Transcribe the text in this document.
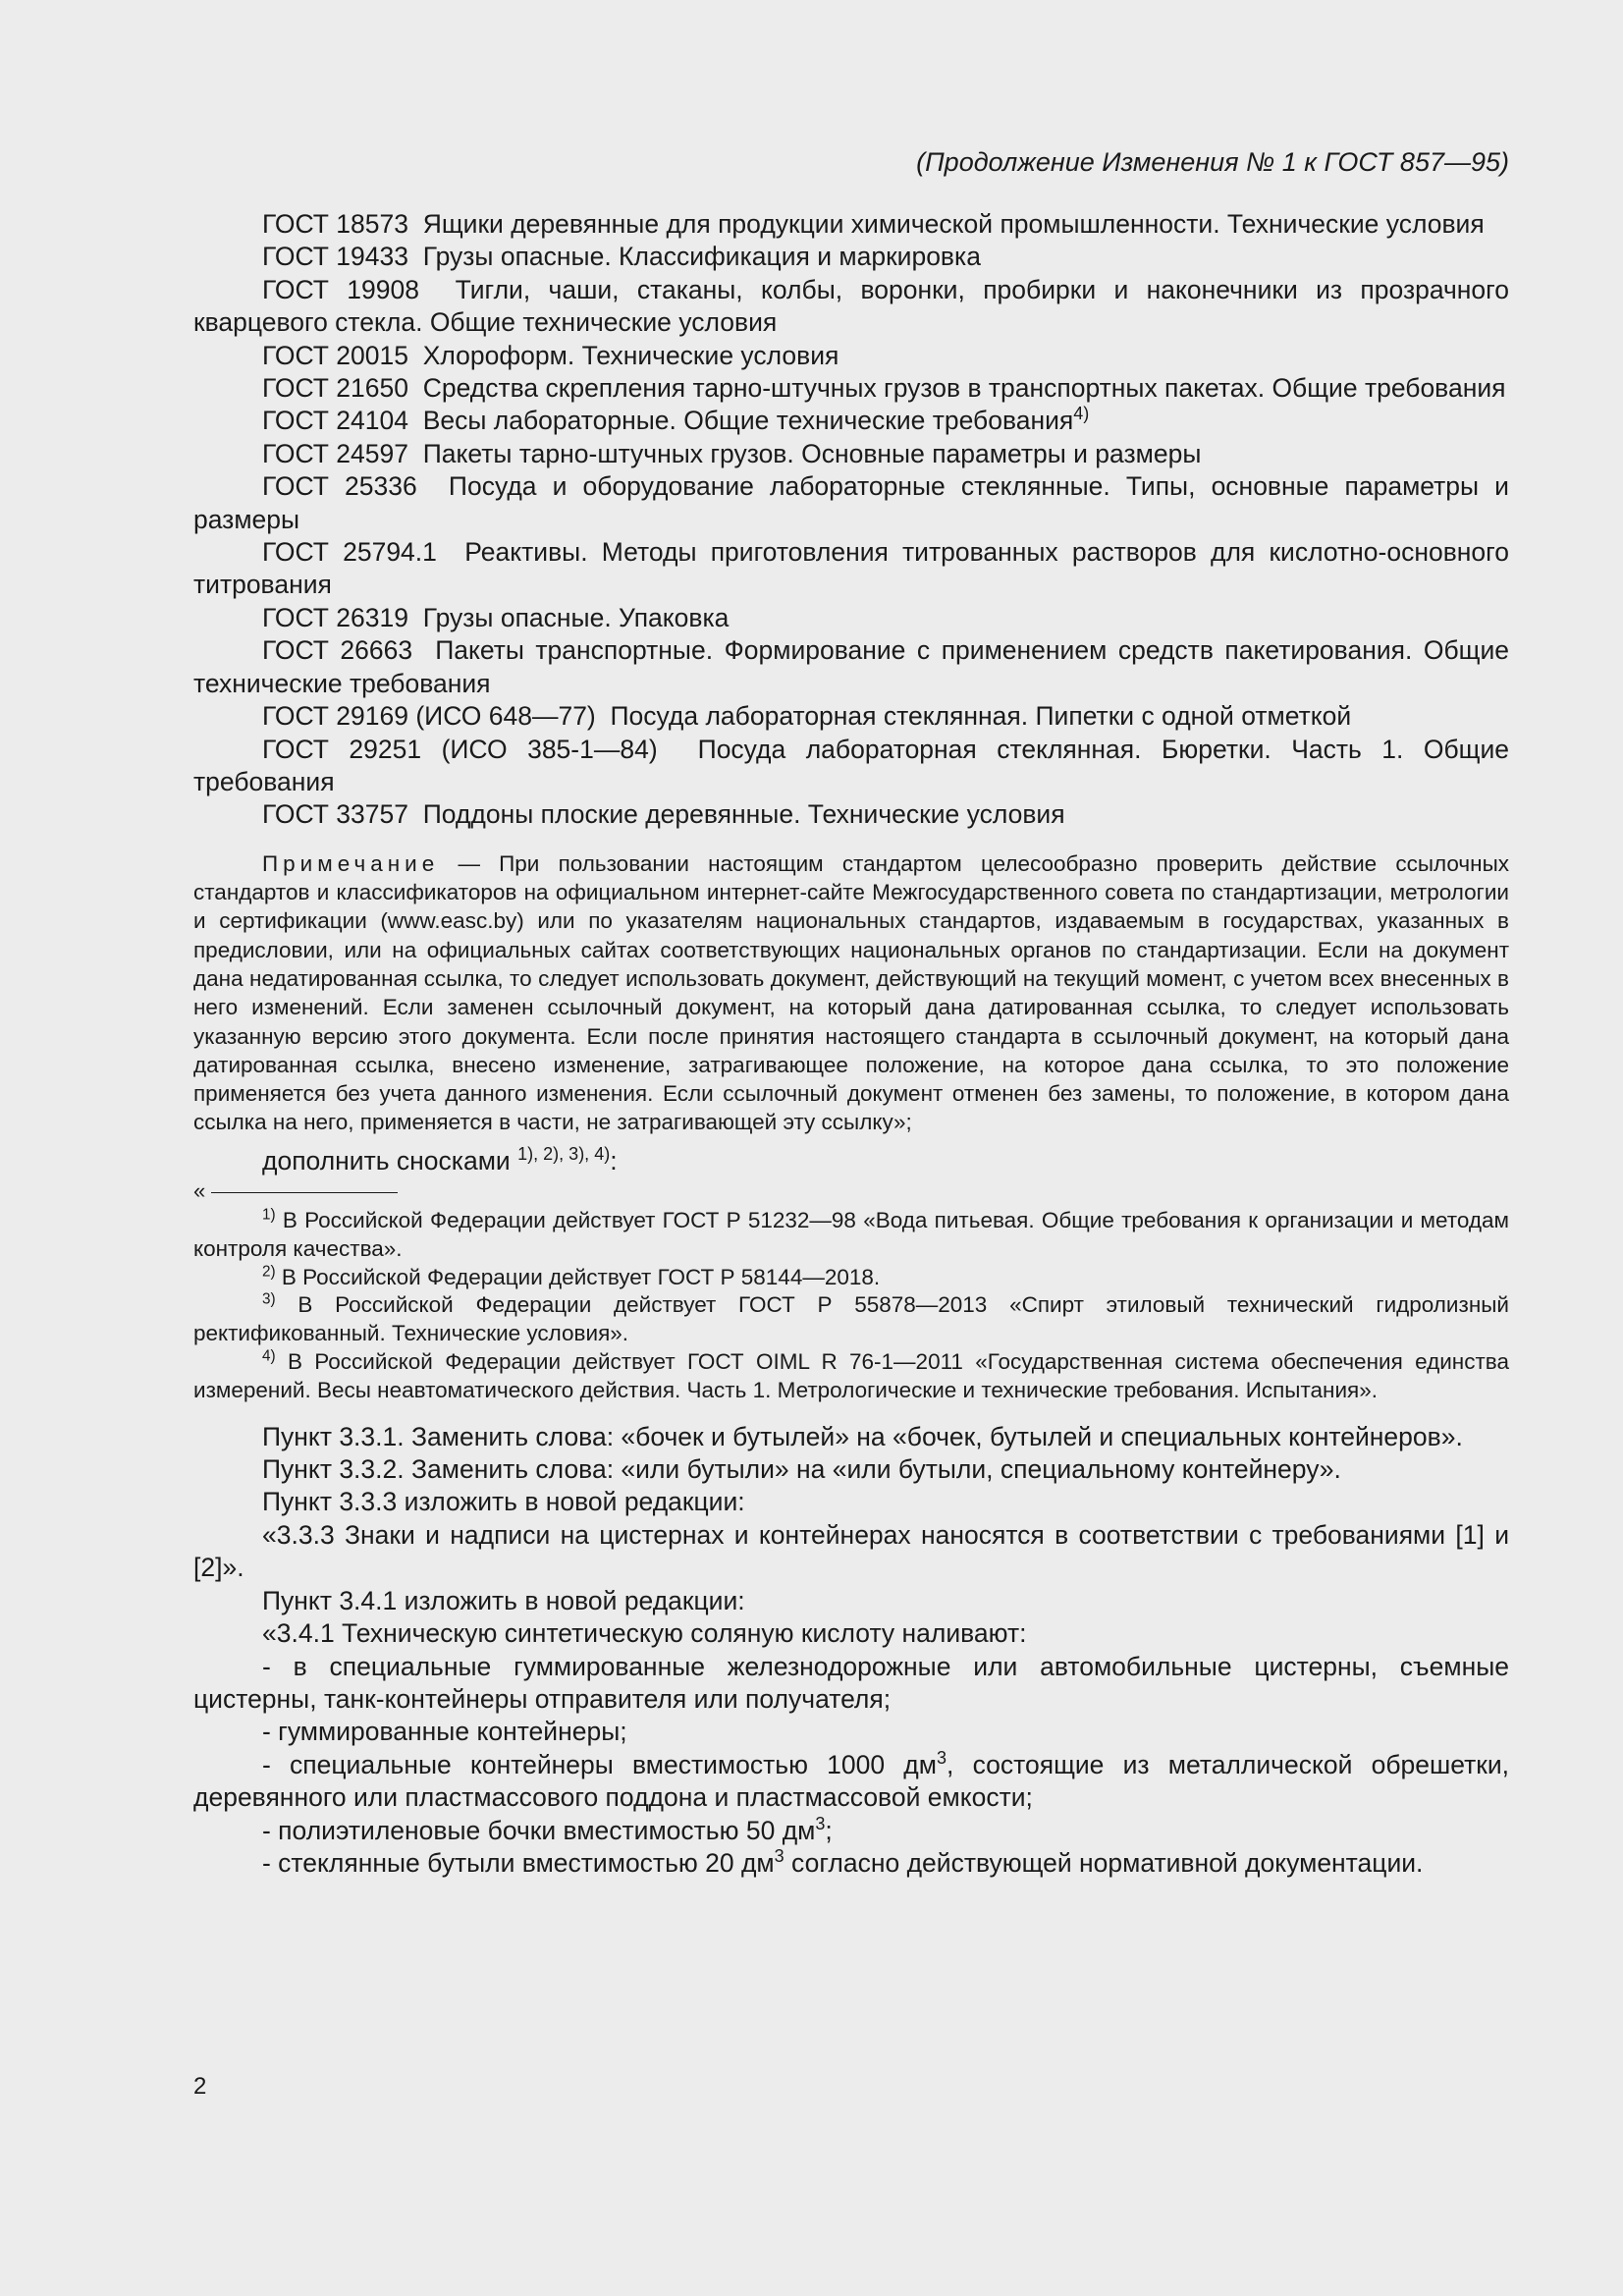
(Продолжение Изменения № 1 к ГОСТ 857—95)

ГОСТ 18573 Ящики деревянные для продукции химической промышленности. Технические условия

ГОСТ 19433 Грузы опасные. Классификация и маркировка

ГОСТ 19908 Тигли, чаши, стаканы, колбы, воронки, пробирки и наконечники из прозрачного кварцевого стекла. Общие технические условия

ГОСТ 20015 Хлороформ. Технические условия

ГОСТ 21650 Средства скрепления тарно-штучных грузов в транспортных пакетах. Общие требования

ГОСТ 24104 Весы лабораторные. Общие технические требования$^{4)}$

ГОСТ 24597 Пакеты тарно-штучных грузов. Основные параметры и размеры

ГОСТ 25336 Посуда и оборудование лабораторные стеклянные. Типы, основные параметры и размеры

ГОСТ 25794.1 Реактивы. Методы приготовления титрованных растворов для кислотно-основного титрования

ГОСТ 26319 Грузы опасные. Упаковка

ГОСТ 26663 Пакеты транспортные. Формирование с применением средств пакетирования. Общие технические требования

ГОСТ 29169 (ИСО 648—77) Посуда лабораторная стеклянная. Пипетки с одной отметкой

ГОСТ 29251 (ИСО 385-1—84) Посуда лабораторная стеклянная. Бюретки. Часть 1. Общие требования

ГОСТ 33757 Поддоны плоские деревянные. Технические условия

Примечание — При пользовании настоящим стандартом целесообразно проверить действие ссылочных стандартов и классификаторов на официальном интернет-сайте Межгосударственного совета по стандартизации, метрологии и сертификации (www.easc.by) или по указателям национальных стандартов, издаваемым в государствах, указанных в предисловии, или на официальных сайтах соответствующих национальных органов по стандартизации. Если на документ дана недатированная ссылка, то следует использовать документ, действующий на текущий момент, с учетом всех внесенных в него изменений. Если заменен ссылочный документ, на который дана датированная ссылка, то следует использовать указанную версию этого документа. Если после принятия настоящего стандарта в ссылочный документ, на который дана датированная ссылка, внесено изменение, затрагивающее положение, на которое дана ссылка, то это положение применяется без учета данного изменения. Если ссылочный документ отменен без замены, то положение, в котором дана ссылка на него, применяется в части, не затрагивающей эту ссылку»;

дополнить сносками $^{1), 2), 3), 4)}$:

«

$^{1)}$ В Российской Федерации действует ГОСТ Р 51232—98 «Вода питьевая. Общие требования к организации и методам контроля качества».

$^{2)}$ В Российской Федерации действует ГОСТ Р 58144—2018.

$^{3)}$ В Российской Федерации действует ГОСТ Р 55878—2013 «Спирт этиловый технический гидролизный ректификованный. Технические условия».

$^{4)}$ В Российской Федерации действует ГОСТ OIML R 76-1—2011 «Государственная система обеспечения единства измерений. Весы неавтоматического действия. Часть 1. Метрологические и технические требования. Испытания».

Пункт 3.3.1. Заменить слова: «бочек и бутылей» на «бочек, бутылей и специальных контейнеров».

Пункт 3.3.2. Заменить слова: «или бутыли» на «или бутыли, специальному контейнеру».

Пункт 3.3.3 изложить в новой редакции:

«3.3.3 Знаки и надписи на цистернах и контейнерах наносятся в соответствии с требованиями [1] и [2]».

Пункт 3.4.1 изложить в новой редакции:

«3.4.1 Техническую синтетическую соляную кислоту наливают:

- в специальные гуммированные железнодорожные или автомобильные цистерны, съемные цистерны, танк-контейнеры отправителя или получателя;

- гуммированные контейнеры;

- специальные контейнеры вместимостью 1000 $дм^3$, состоящие из металлической обрешетки, деревянного или пластмассового поддона и пластмассовой емкости;

- полиэтиленовые бочки вместимостью 50 $дм^3$;

- стеклянные бутыли вместимостью 20 $дм^3$ согласно действующей нормативной документации.

2
